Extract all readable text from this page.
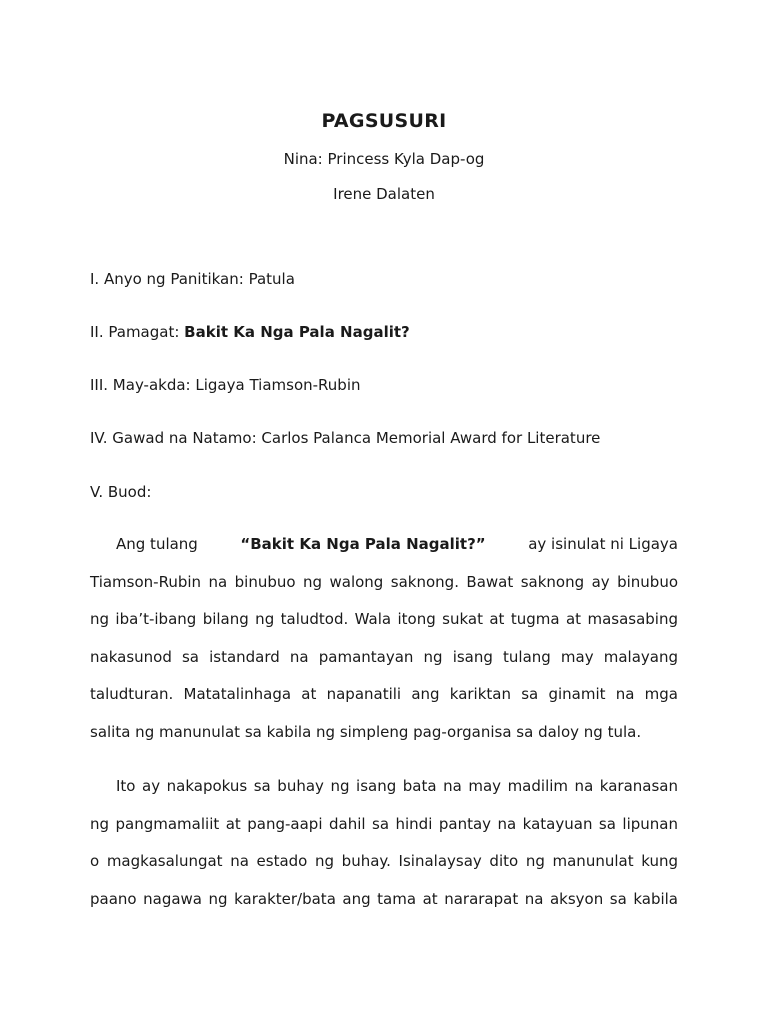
PAGSUSURI
Nina: Princess Kyla Dap-og
Irene Dalaten
I. Anyo ng Panitikan: Patula
II. Pamagat: Bakit Ka Nga Pala Nagalit?
III. May-akda: Ligaya Tiamson-Rubin
IV. Gawad na Natamo: Carlos Palanca Memorial Award for Literature
V. Buod:
Ang tulang	“Bakit Ka Nga Pala Nagalit?”	ay isinulat ni Ligaya
Tiamson-Rubin na binubuo ng walong saknong. Bawat saknong ay binubuo
ng iba’t-ibang bilang ng taludtod. Wala itong sukat at tugma at masasabing
nakasunod sa istandard na pamantayan ng isang tulang may malayang
taludturan. Matatalinhaga at napanatili ang kariktan sa ginamit na mga
salita ng manunulat sa kabila ng simpleng pag-organisa sa daloy ng tula.
Ito ay nakapokus sa buhay ng isang bata na may madilim na karanasan
ng pangmamaliit at pang-aapi dahil sa hindi pantay na katayuan sa lipunan
o magkasalungat na estado ng buhay. Isinalaysay dito ng manunulat kung
paano nagawa ng karakter/bata ang tama at nararapat na aksyon sa kabila
